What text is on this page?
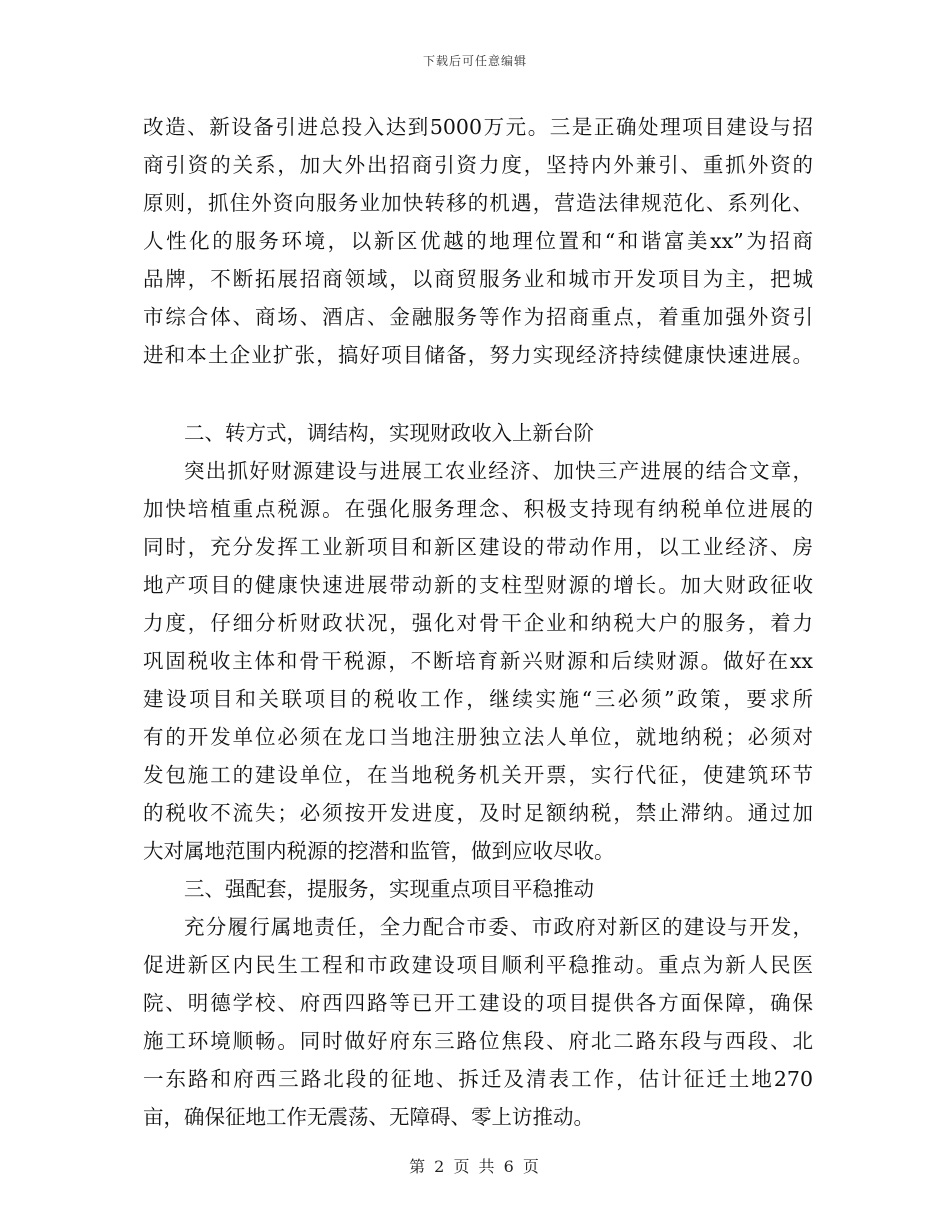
下载后可任意编辑
改造、新设备引进总投入达到5000万元。三是正确处理项目建设与招
商引资的关系，加大外出招商引资力度，坚持内外兼引、重抓外资的
原则，抓住外资向服务业加快转移的机遇，营造法律规范化、系列化、
人性化的服务环境，以新区优越的地理位置和“和谐富美xx”为招商
品牌，不断拓展招商领域，以商贸服务业和城市开发项目为主，把城
市综合体、商场、酒店、金融服务等作为招商重点，着重加强外资引
进和本土企业扩张，搞好项目储备，努力实现经济持续健康快速进展。
二、转方式，调结构，实现财政收入上新台阶
突出抓好财源建设与进展工农业经济、加快三产进展的结合文章，
加快培植重点税源。在强化服务理念、积极支持现有纳税单位进展的
同时，充分发挥工业新项目和新区建设的带动作用，以工业经济、房
地产项目的健康快速进展带动新的支柱型财源的增长。加大财政征收
力度，仔细分析财政状况，强化对骨干企业和纳税大户的服务，着力
巩固税收主体和骨干税源，不断培育新兴财源和后续财源。做好在xx
建设项目和关联项目的税收工作，继续实施“三必须”政策，要求所
有的开发单位必须在龙口当地注册独立法人单位，就地纳税；必须对
发包施工的建设单位，在当地税务机关开票，实行代征，使建筑环节
的税收不流失；必须按开发进度，及时足额纳税，禁止滞纳。通过加
大对属地范围内税源的挖潜和监管，做到应收尽收。
三、强配套，提服务，实现重点项目平稳推动
充分履行属地责任，全力配合市委、市政府对新区的建设与开发，
促进新区内民生工程和市政建设项目顺利平稳推动。重点为新人民医
院、明德学校、府西四路等已开工建设的项目提供各方面保障，确保
施工环境顺畅。同时做好府东三路位焦段、府北二路东段与西段、北
一东路和府西三路北段的征地、拆迁及清表工作，估计征迁土地270
亩，确保征地工作无震荡、无障碍、零上访推动。
第 2 页 共 6 页
